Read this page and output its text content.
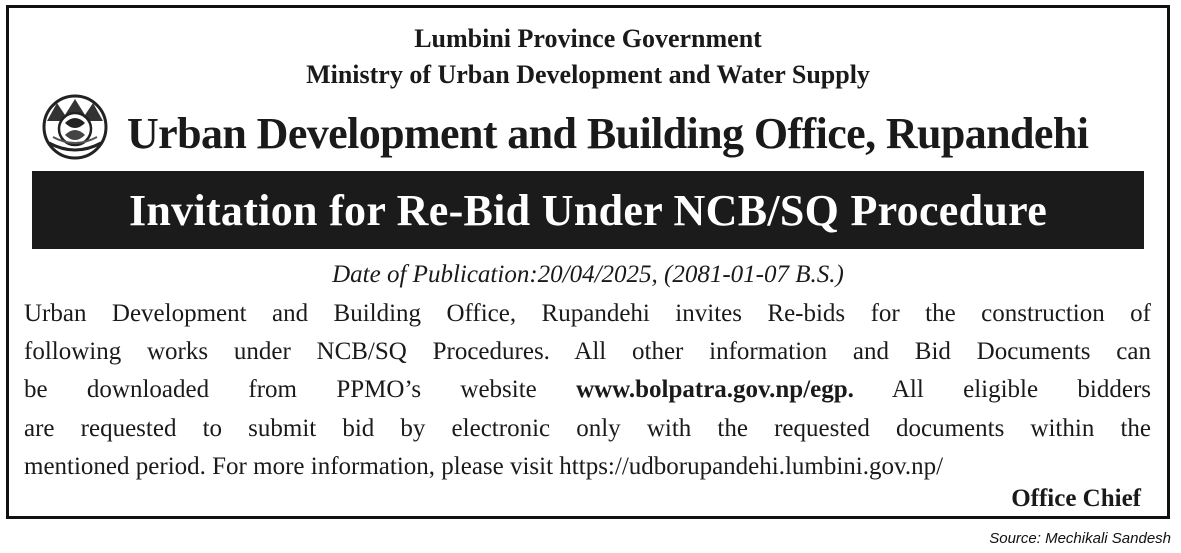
Lumbini Province Government
Ministry of Urban Development and Water Supply
Urban Development and Building Office, Rupandehi
Invitation for Re-Bid Under NCB/SQ Procedure
Date of Publication:20/04/2025, (2081-01-07 B.S.)
Urban Development and Building Office, Rupandehi invites Re-bids for the construction of
following works under NCB/SQ Procedures. All other information and Bid Documents can
be downloaded from PPMO’s website www.bolpatra.gov.np/egp. All eligible bidders
are requested to submit bid by electronic only with the requested documents within the
mentioned period. For more information, please visit https://udborupandehi.lumbini.gov.np/
Office Chief
Source: Mechikali Sandesh
